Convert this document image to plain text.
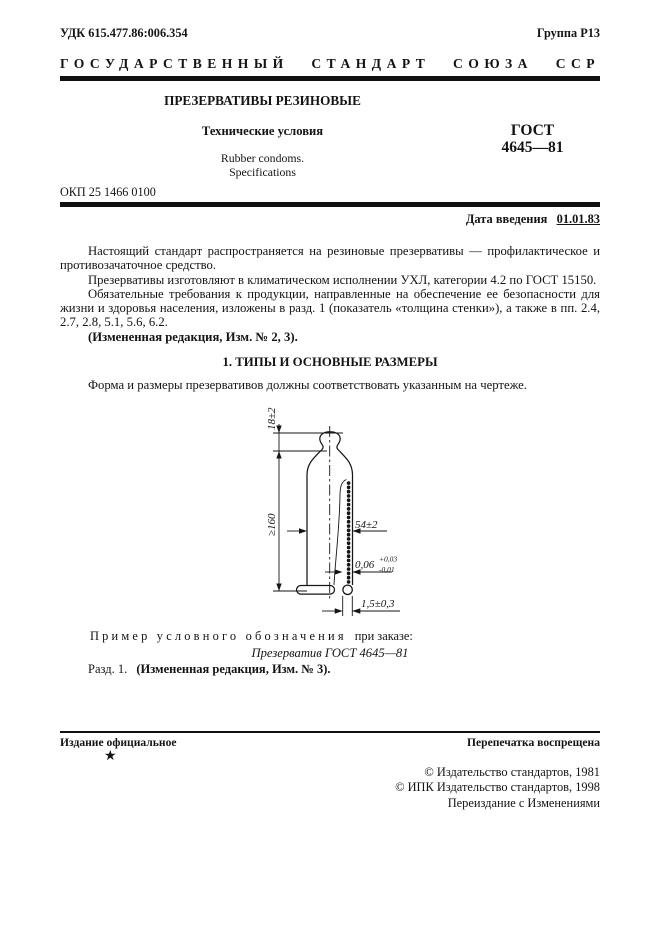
УДК 615.477.86:006.354	Группа Р13
ГОСУДАРСТВЕННЫЙ СТАНДАРТ СОЮЗА ССР
ПРЕЗЕРВАТИВЫ РЕЗИНОВЫЕ
Технические условия
Rubber condoms.
Specifications
ГОСТ
4645—81
ОКП 25 1466 0100
Дата введения 01.01.83

Настоящий стандарт распространяется на резиновые презервативы — профилактическое и противозачаточное средство.

Презервативы изготовляют в климатическом исполнении УХЛ, категории 4.2 по ГОСТ 15150.

Обязательные требования к продукции, направленные на обеспечение ее безопасности для жизни и здоровья населения, изложены в разд. 1 (показатель «толщина стенки»), а также в пп. 2.4, 2.7, 2.8, 5.1, 5.6, 6.2.

(Измененная редакция, Изм. № 2, 3).

1. ТИПЫ И ОСНОВНЫЕ РАЗМЕРЫ
Форма и размеры презервативов должны соответствовать указанным на чертеже.
18±2
≥160	54±2
0,06 +0,03
-0,01
1,5±0,3
Пример условного обозначения при заказе:
Презерватив ГОСТ 4645—81
Разд. 1. (Измененная редакция, Изм. № 3).
Издание официальное	Перепечатка воспрещена
★
© Издательство стандартов, 1981
© ИПК Издательство стандартов, 1998
Переиздание с Изменениями
